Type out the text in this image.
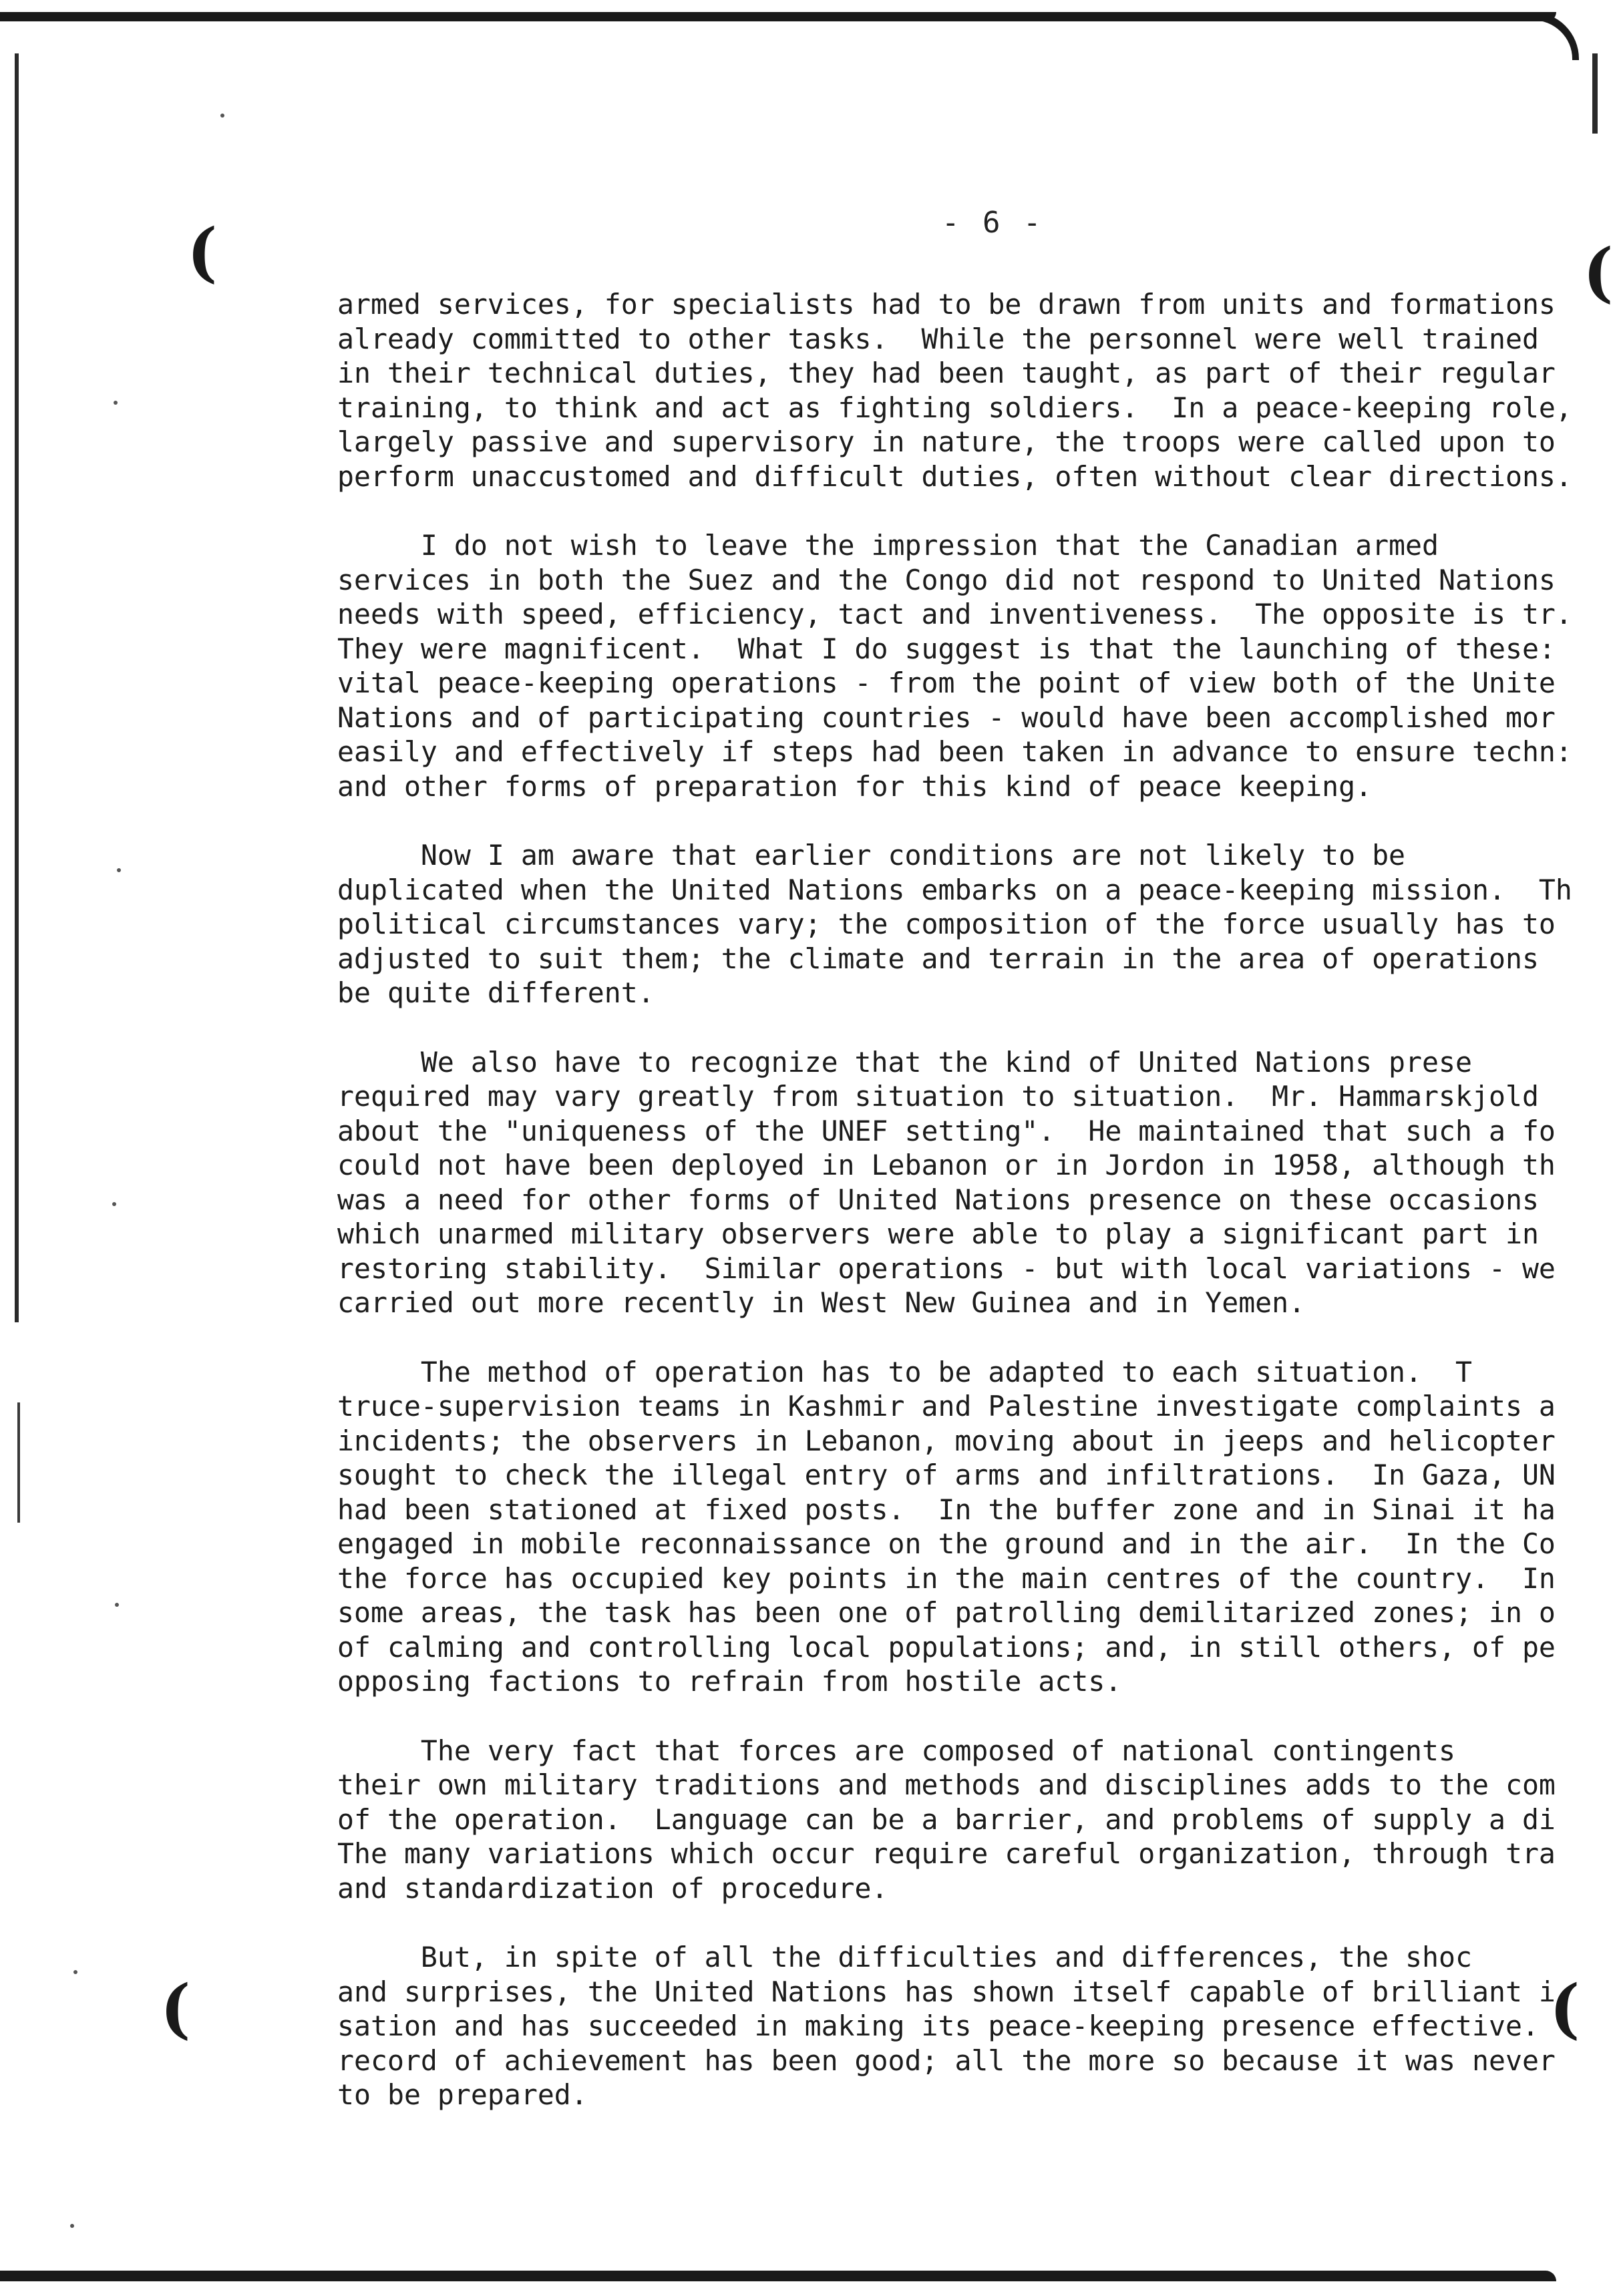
(	(
(	(
- 6 -
armed services, for specialists had to be drawn from units and formations
already committed to other tasks.  While the personnel were well trained
in their technical duties, they had been taught, as part of their regular
training, to think and act as fighting soldiers.  In a peace-keeping role,
largely passive and supervisory in nature, the troops were called upon to
perform unaccustomed and difficult duties, often without clear directions.
I do not wish to leave the impression that the Canadian armed
services in both the Suez and the Congo did not respond to United Nations
needs with speed, efficiency, tact and inventiveness.  The opposite is tr.
They were magnificent.  What I do suggest is that the launching of these:
vital peace-keeping operations - from the point of view both of the Unite
Nations and of participating countries - would have been accomplished mor
easily and effectively if steps had been taken in advance to ensure techn:
and other forms of preparation for this kind of peace keeping.
Now I am aware that earlier conditions are not likely to be
duplicated when the United Nations embarks on a peace-keeping mission.  Th
political circumstances vary; the composition of the force usually has to
adjusted to suit them; the climate and terrain in the area of operations
be quite different.
We also have to recognize that the kind of United Nations prese
required may vary greatly from situation to situation.  Mr. Hammarskjold
about the "uniqueness of the UNEF setting".  He maintained that such a fo
could not have been deployed in Lebanon or in Jordon in 1958, although th
was a need for other forms of United Nations presence on these occasions
which unarmed military observers were able to play a significant part in
restoring stability.  Similar operations - but with local variations - we
carried out more recently in West New Guinea and in Yemen.
The method of operation has to be adapted to each situation.  T
truce-supervision teams in Kashmir and Palestine investigate complaints a
incidents; the observers in Lebanon, moving about in jeeps and helicopter
sought to check the illegal entry of arms and infiltrations.  In Gaza, UN
had been stationed at fixed posts.  In the buffer zone and in Sinai it ha
engaged in mobile reconnaissance on the ground and in the air.  In the Co
the force has occupied key points in the main centres of the country.  In
some areas, the task has been one of patrolling demilitarized zones; in o
of calming and controlling local populations; and, in still others, of pe
opposing factions to refrain from hostile acts.
The very fact that forces are composed of national contingents
their own military traditions and methods and disciplines adds to the com
of the operation.  Language can be a barrier, and problems of supply a di
The many variations which occur require careful organization, through tra
and standardization of procedure.
But, in spite of all the difficulties and differences, the shoc
and surprises, the United Nations has shown itself capable of brilliant i
sation and has succeeded in making its peace-keeping presence effective.
record of achievement has been good; all the more so because it was never
to be prepared.
